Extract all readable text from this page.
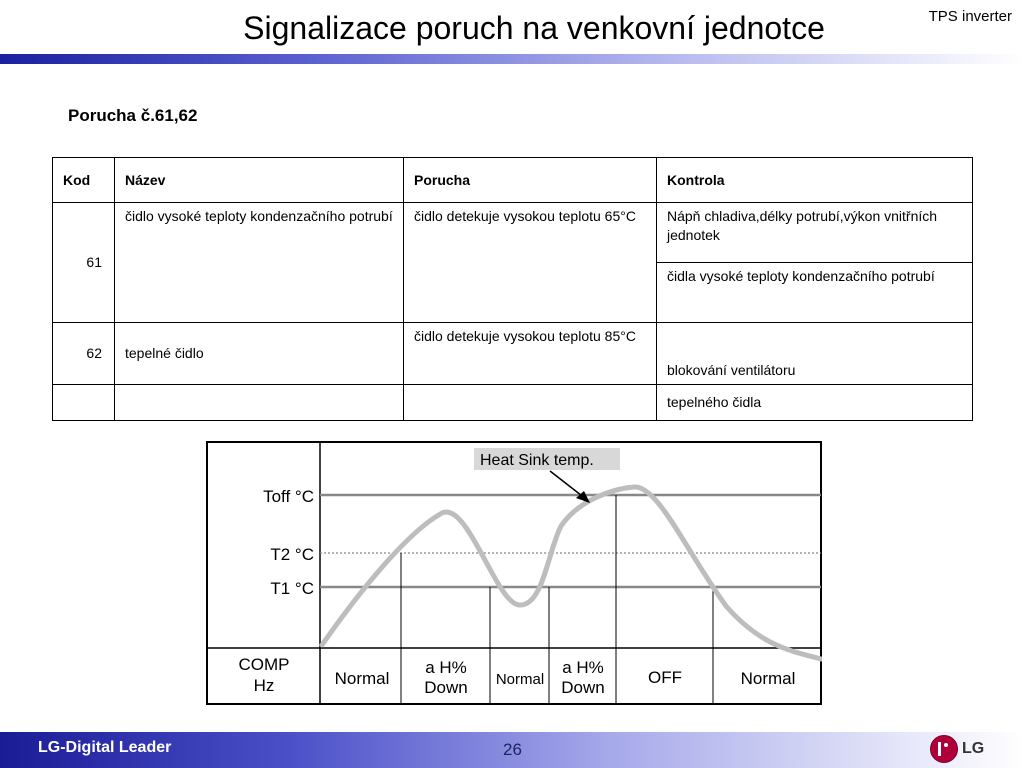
Signalizace poruch na venkovní jednotce	TPS inverter
Porucha č.61,62
Kod	Název	Porucha	Kontrola
61	čidlo vysoké teploty kondenzačního potrubí	čidlo detekuje vysokou teplotu 65°C	Nápň chladiva,délky potrubí,výkon vnitřních jednotek
			čidla vysoké teploty kondenzačního potrubí
62	tepelné čidlo	čidlo detekuje vysokou teplotu 85°C	blokování ventilátoru
			tepelného čidla
Heat Sink temp.
Toff °C
T2 °C
T1 °C
COMP
Hz	Normal
a H%
Down Normal
a H%
Down
OFF	Normal
LG-Digital Leader	26	LG
